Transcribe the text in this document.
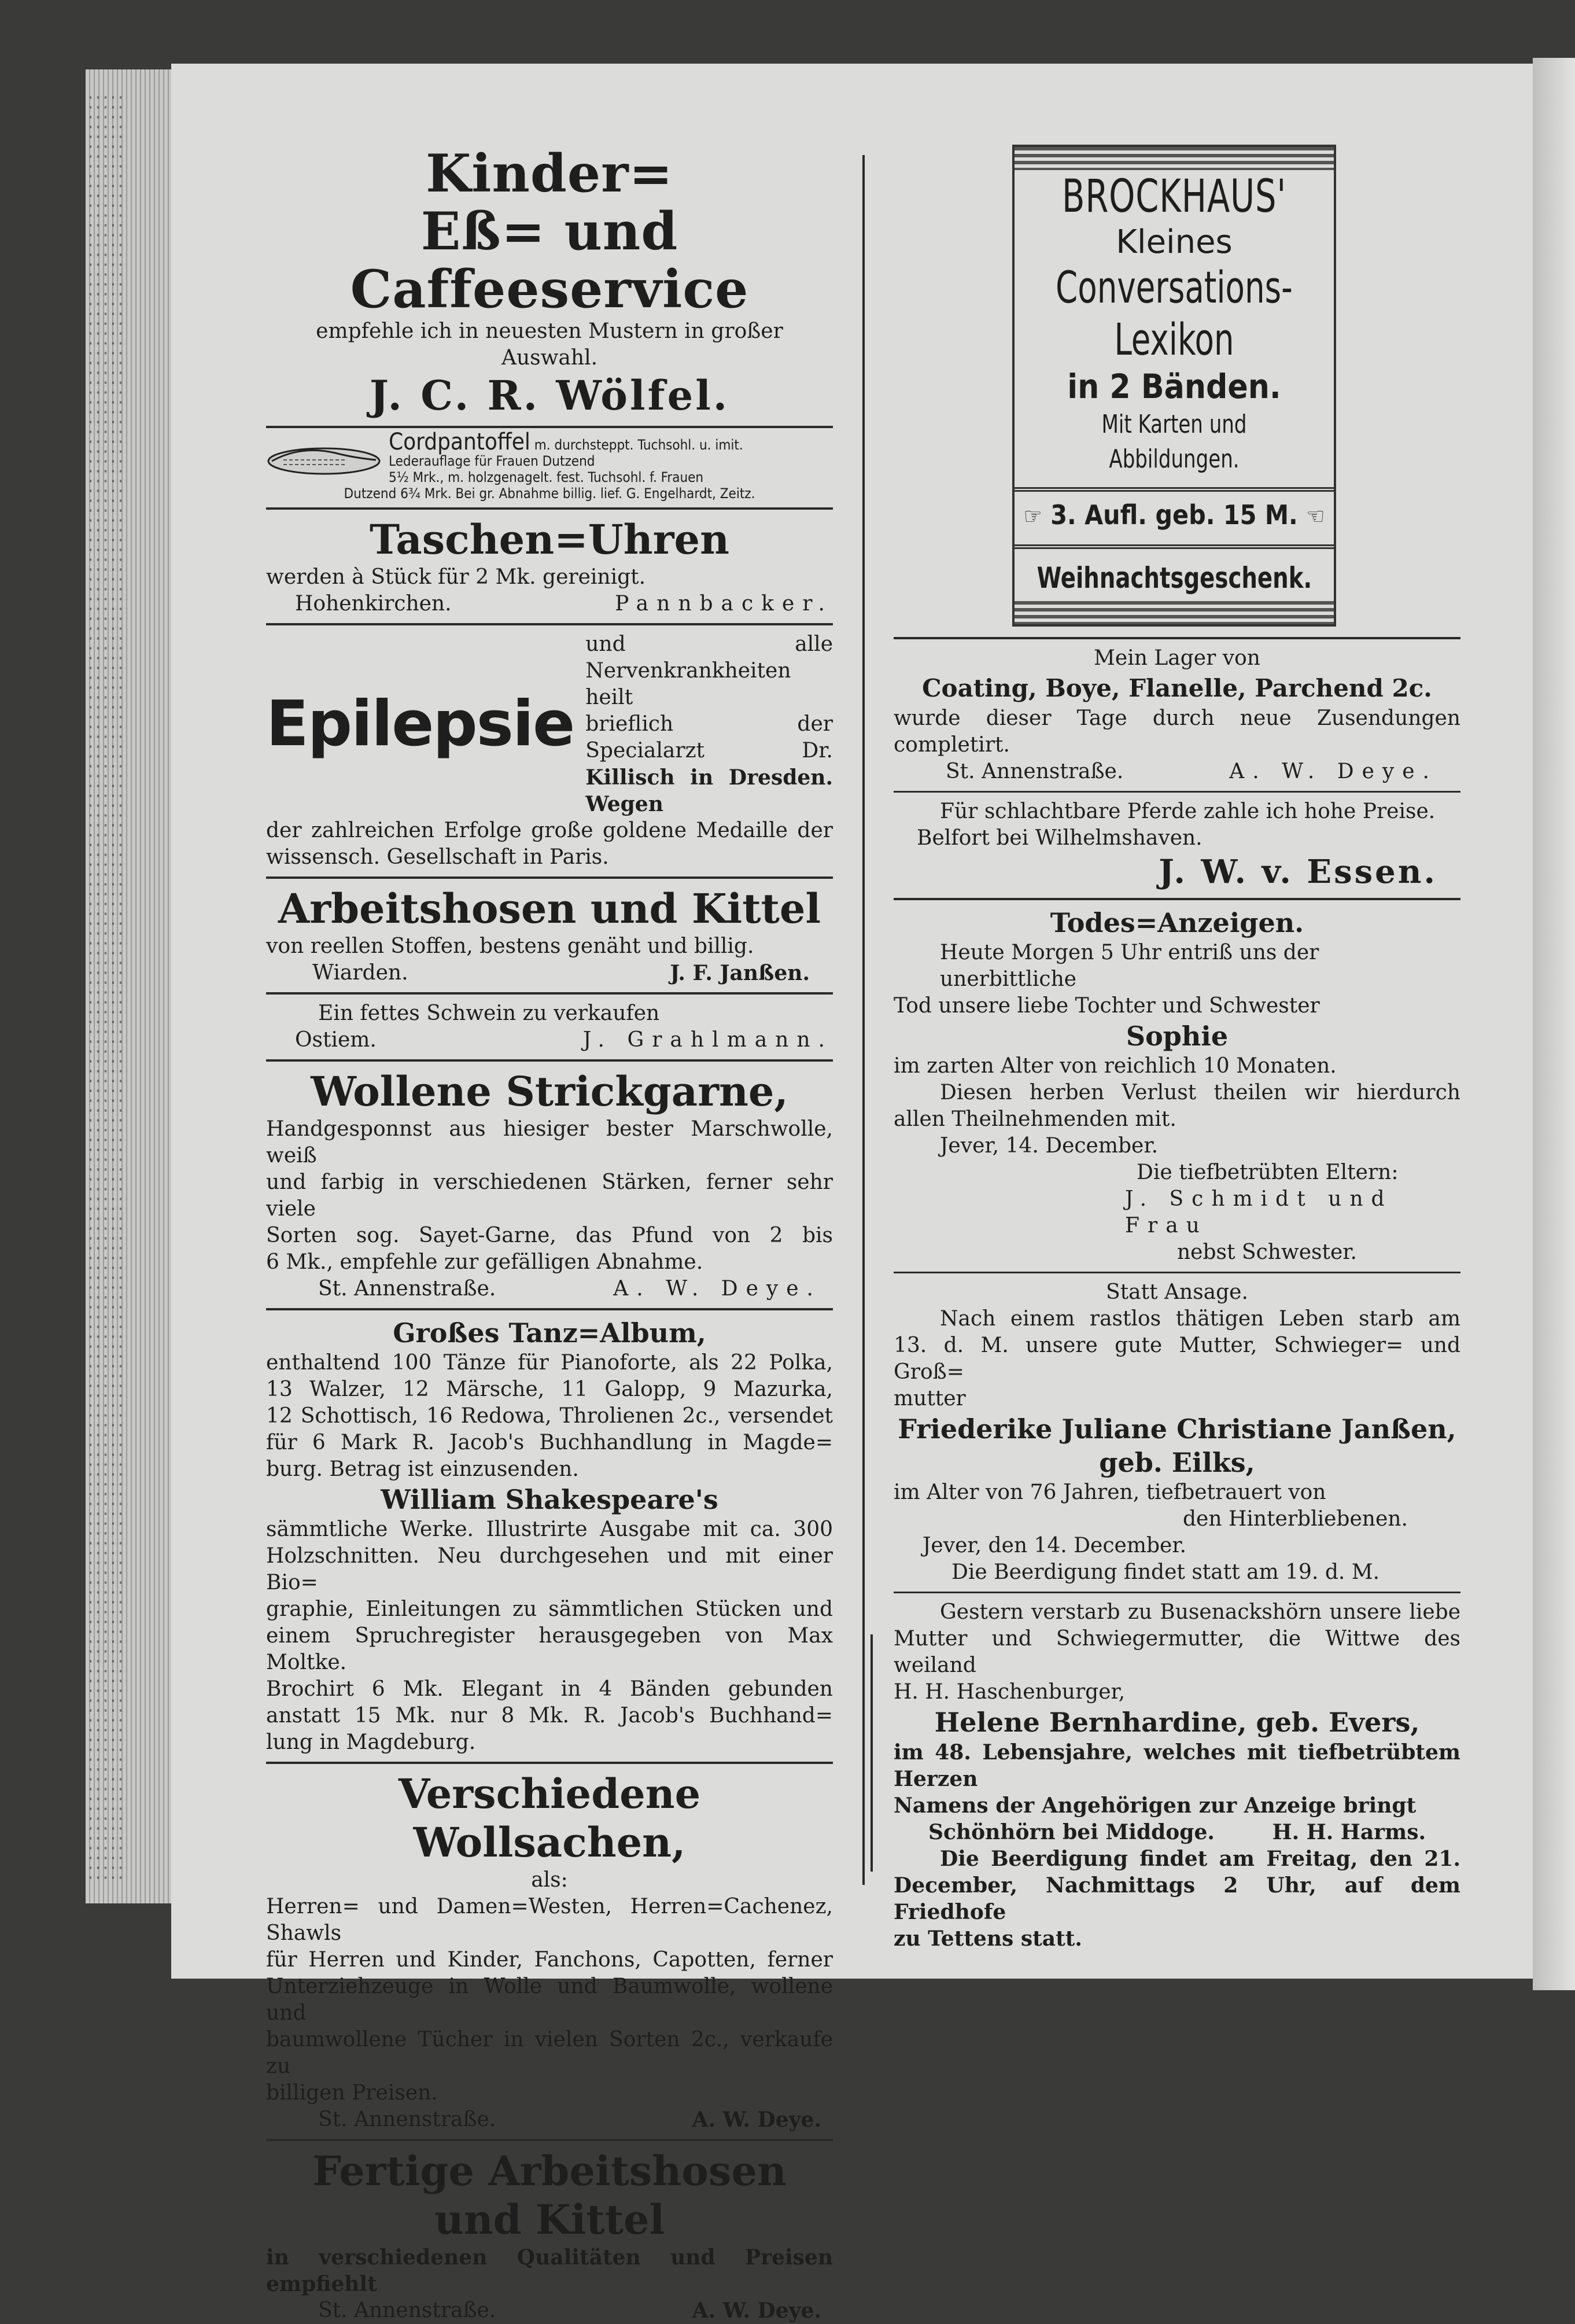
Kinder=
Eß= und Caffeeservice
empfehle ich in neuesten Mustern in großer Auswahl.
J. C. R. Wölfel.
Cordpantoffel m. durchsteppt. Tuchsohl. u. imit.
Lederauflage für Frauen Dutzend
5½ Mrk., m. holzgenagelt. fest. Tuchsohl. f. Frauen
Dutzend 6¾ Mrk. Bei gr. Abnahme billig. lief. G. Engelhardt, Zeitz.
Taschen=Uhren
werden à Stück für 2 Mk. gereinigt.
Hohenkirchen.	Pannbacker.
Epilepsie
und alle Nervenkrankheiten heilt
brieflich der Specialarzt Dr.
Killisch in Dresden. Wegen
der zahlreichen Erfolge große goldene Medaille der
wissensch. Gesellschaft in Paris.
Arbeitshosen und Kittel
von reellen Stoffen, bestens genäht und billig.
Wiarden.	J. F. Janßen.
Ein fettes Schwein zu verkaufen
Ostiem.	J. Grahlmann.
Wollene Strickgarne,
Handgesponnst aus hiesiger bester Marschwolle, weiß
und farbig in verschiedenen Stärken, ferner sehr viele
Sorten sog. Sayet-Garne, das Pfund von 2 bis
6 Mk., empfehle zur gefälligen Abnahme.
St. Annenstraße.	A. W. Deye.
Großes Tanz=Album,
enthaltend 100 Tänze für Pianoforte, als 22 Polka,
13 Walzer, 12 Märsche, 11 Galopp, 9 Mazurka,
12 Schottisch, 16 Redowa, Throlienen 2c., versendet
für 6 Mark R. Jacob's Buchhandlung in Magde=
burg. Betrag ist einzusenden.
William Shakespeare's
sämmtliche Werke. Illustrirte Ausgabe mit ca. 300
Holzschnitten. Neu durchgesehen und mit einer Bio=
graphie, Einleitungen zu sämmtlichen Stücken und
einem Spruchregister herausgegeben von Max Moltke.
Brochirt 6 Mk. Elegant in 4 Bänden gebunden
anstatt 15 Mk. nur 8 Mk. R. Jacob's Buchhand=
lung in Magdeburg.
Verschiedene Wollsachen,
als:
Herren= und Damen=Westen, Herren=Cachenez, Shawls
für Herren und Kinder, Fanchons, Capotten, ferner
Unterziehzeuge in Wolle und Baumwolle, wollene und
baumwollene Tücher in vielen Sorten 2c., verkaufe zu
billigen Preisen.
St. Annenstraße.	A. W. Deye.
Fertige Arbeitshosen
und Kittel
in verschiedenen Qualitäten und Preisen empfiehlt
St. Annenstraße.	A. W. Deye.
BROCKHAUS'
Kleines
Conversations-
Lexikon
in 2 Bänden.
Mit Karten und Abbildungen.
☞ 3. Aufl. geb. 15 M. ☜
Weihnachtsgeschenk.
Mein Lager von
Coating, Boye, Flanelle, Parchend 2c.
wurde dieser Tage durch neue Zusendungen completirt.
St. Annenstraße.	A. W. Deye.
Für schlachtbare Pferde zahle ich hohe Preise.
Belfort bei Wilhelmshaven.
J. W. v. Essen.
Todes=Anzeigen.
Heute Morgen 5 Uhr entriß uns der unerbittliche
Tod unsere liebe Tochter und Schwester
Sophie
im zarten Alter von reichlich 10 Monaten.
Diesen herben Verlust theilen wir hierdurch
allen Theilnehmenden mit.
Jever, 14. December.
Die tiefbetrübten Eltern:
J. Schmidt und Frau
nebst Schwester.
Statt Ansage.
Nach einem rastlos thätigen Leben starb am
13. d. M. unsere gute Mutter, Schwieger= und Groß=
mutter
Friederike Juliane Christiane Janßen,
geb. Eilks,
im Alter von 76 Jahren, tiefbetrauert von
den Hinterbliebenen.
Jever, den 14. December.
Die Beerdigung findet statt am 19. d. M.
Gestern verstarb zu Busenackshörn unsere liebe
Mutter und Schwiegermutter, die Wittwe des weiland
H. H. Haschenburger,
Helene Bernhardine, geb. Evers,
im 48. Lebensjahre, welches mit tiefbetrübtem Herzen
Namens der Angehörigen zur Anzeige bringt
Schönhörn bei Middoge.	H. H. Harms.
Die Beerdigung findet am Freitag, den 21.
December, Nachmittags 2 Uhr, auf dem Friedhofe
zu Tettens statt.
